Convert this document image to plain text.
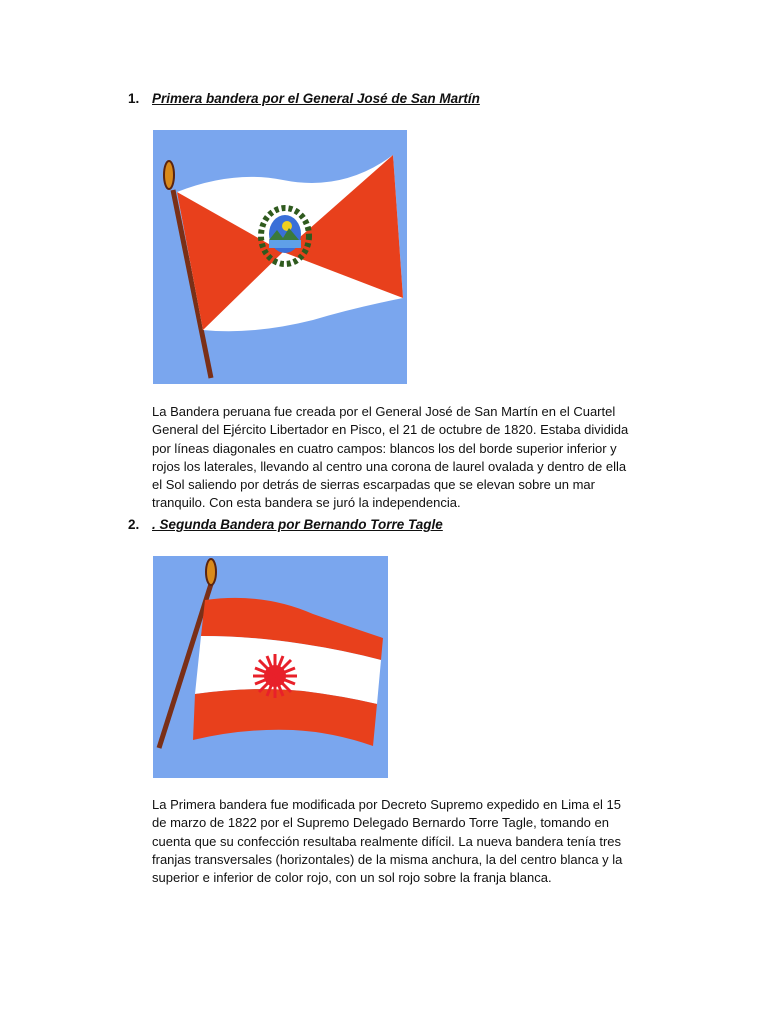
1. Primera bandera por el General José de San Martín

La Bandera peruana fue creada por el General José de San Martín en el Cuartel
General del Ejército Libertador en Pisco, el 21 de octubre de 1820. Estaba dividida
por líneas diagonales en cuatro campos: blancos los del borde superior inferior y
rojos los laterales, llevando al centro una corona de laurel ovalada y dentro de ella
el Sol saliendo por detrás de sierras escarpadas que se elevan sobre un mar
tranquilo. Con esta bandera se juró la independencia.

2. . Segunda Bandera por Bernando Torre Tagle

La Primera bandera fue modificada por Decreto Supremo expedido en Lima el 15
de marzo de 1822 por el Supremo Delegado Bernardo Torre Tagle, tomando en
cuenta que su confección resultaba realmente difícil. La nueva bandera tenía tres
franjas transversales (horizontales) de la misma anchura, la del centro blanca y la
superior e inferior de color rojo, con un sol rojo sobre la franja blanca.
